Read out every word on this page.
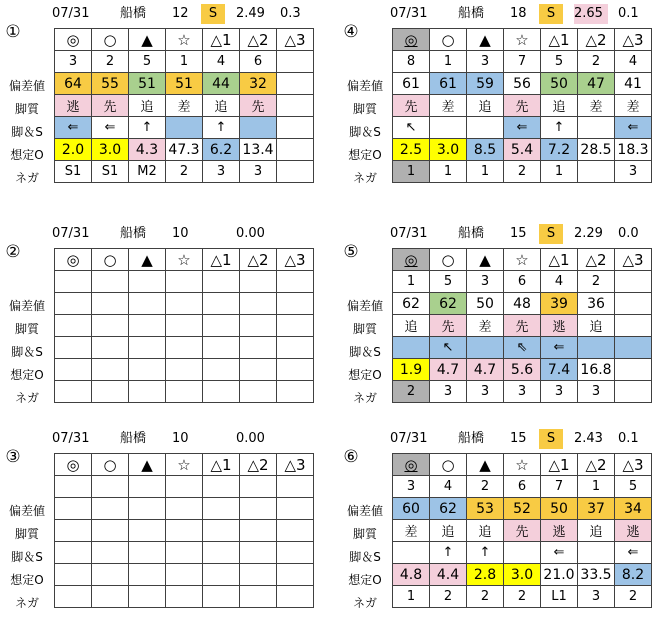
07/31 船橋	12	S	2.49	0.3
①
偏差値
脚質
脚＆S
想定O
ネガ
◎	○	▲	☆	△1	△2	△3
3	2	5	1	4	6	
64	55	51	51	44	32	
逃	先	追	差	追	先	
⇐	⇐	↑		↑		
2.0	3.0	4.3	47.3	6.2	13.4	
S1	S1	M2	2	3	3	
07/31 船橋	18	S	2.65	0.1
④
偏差値
脚質
脚＆S
想定O
ネガ
◎	○	▲	☆	△1	△2	△3
8	1	3	7	5	2	4
61	61	59	56	50	47	41
先	差	追	先	追	差	差
↖			⇐	↑		⇐
2.5	3.0	8.5	5.4	7.2	28.5	18.3
1	1	1	2	1		3
07/31 船橋	10	0.00
②
偏差値
脚質
脚＆S
想定O
ネガ
◎	○	▲	☆	△1	△2	△3

07/31 船橋	15	S	2.29	0.0
⑤
偏差値
脚質
脚＆S
想定O
ネガ
◎	○	▲	☆	△1	△2	△3
1	5	3	6	4	2	
62	62	50	48	39	36	
追	先	差	先	逃	追	
	↖		⇖	⇐		
1.9	4.7	4.7	5.6	7.4	16.8	
2	3	3	3	3	3	
07/31 船橋	10	0.00
③
偏差値
脚質
脚＆S
想定O
ネガ
◎	○	▲	☆	△1	△2	△3

07/31 船橋	15	S	2.43	0.1
⑥
偏差値
脚質
脚＆S
想定O
ネガ
◎	○	▲	☆	△1	△2	△3
3	4	2	6	7	1	5
60	62	53	52	50	37	34
差	追	追	先	逃	追	逃
	↑	↑		⇐		⇐
4.8	4.4	2.8	3.0	21.0	33.5	8.2
1	2	2	2	L1	3	2
